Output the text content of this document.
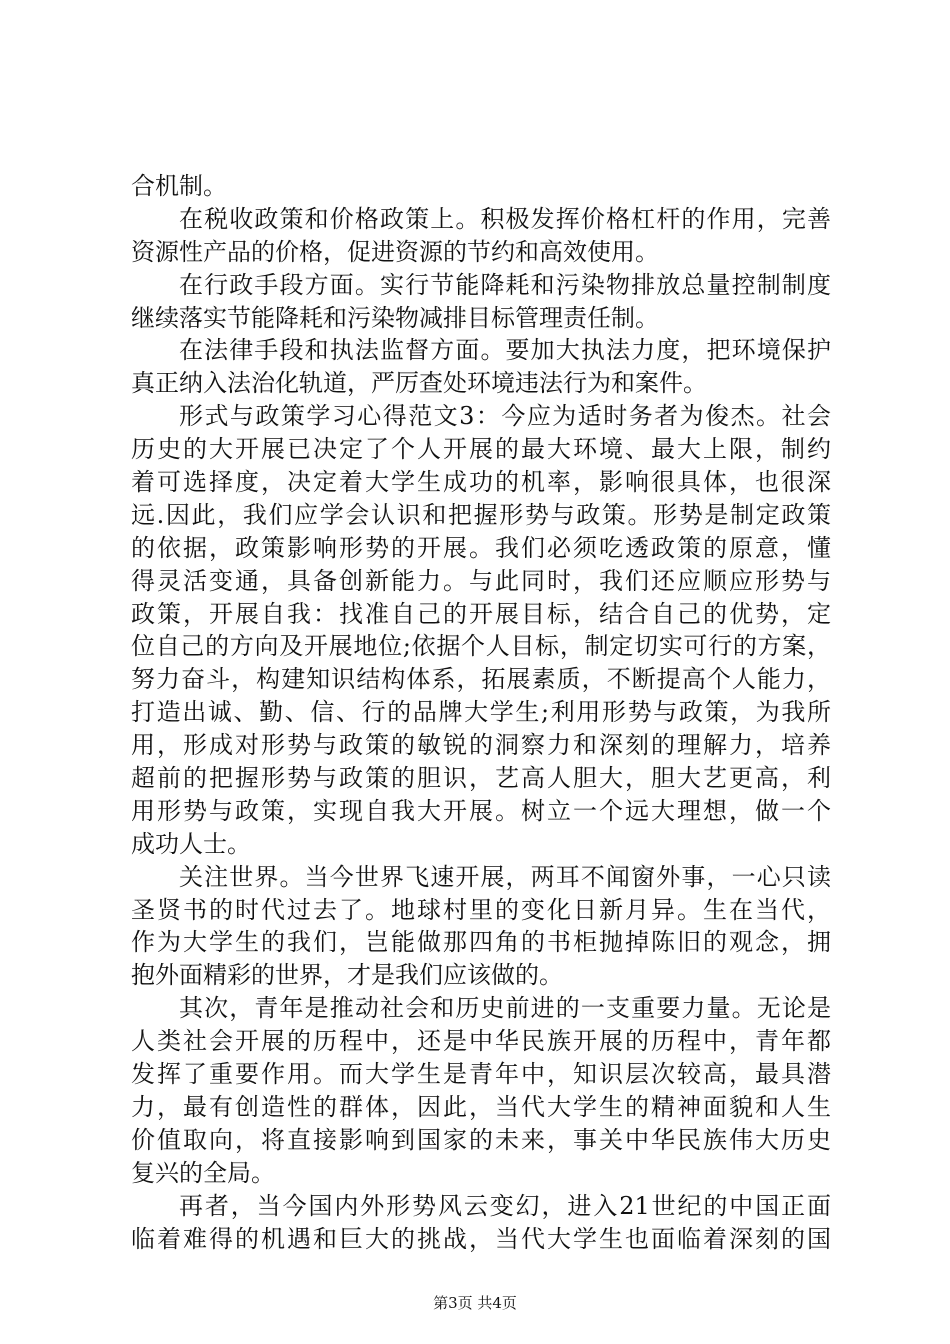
合机制。
在税收政策和价格政策上。积极发挥价格杠杆的作用，完善
资源性产品的价格，促进资源的节约和高效使用。
在行政手段方面。实行节能降耗和污染物排放总量控制制度
继续落实节能降耗和污染物减排目标管理责任制。
在法律手段和执法监督方面。要加大执法力度，把环境保护
真正纳入法治化轨道，严厉查处环境违法行为和案件。
形式与政策学习心得范文3：今应为适时务者为俊杰。社会
历史的大开展已决定了个人开展的最大环境、最大上限，制约
着可选择度，决定着大学生成功的机率，影响很具体，也很深
远.因此，我们应学会认识和把握形势与政策。形势是制定政策
的依据，政策影响形势的开展。我们必须吃透政策的原意，懂
得灵活变通，具备创新能力。与此同时，我们还应顺应形势与
政策，开展自我：找准自己的开展目标，结合自己的优势，定
位自己的方向及开展地位;依据个人目标，制定切实可行的方案，
努力奋斗，构建知识结构体系，拓展素质，不断提高个人能力，
打造出诚、勤、信、行的品牌大学生;利用形势与政策，为我所
用，形成对形势与政策的敏锐的洞察力和深刻的理解力，培养
超前的把握形势与政策的胆识，艺高人胆大，胆大艺更高，利
用形势与政策，实现自我大开展。树立一个远大理想，做一个
成功人士。
关注世界。当今世界飞速开展，两耳不闻窗外事，一心只读
圣贤书的时代过去了。地球村里的变化日新月异。生在当代，
作为大学生的我们，岂能做那四角的书柜抛掉陈旧的观念，拥
抱外面精彩的世界，才是我们应该做的。
其次，青年是推动社会和历史前进的一支重要力量。无论是
人类社会开展的历程中，还是中华民族开展的历程中，青年都
发挥了重要作用。而大学生是青年中，知识层次较高，最具潜
力，最有创造性的群体，因此，当代大学生的精神面貌和人生
价值取向，将直接影响到国家的未来，事关中华民族伟大历史
复兴的全局。
再者，当今国内外形势风云变幻，进入21世纪的中国正面
临着难得的机遇和巨大的挑战，当代大学生也面临着深刻的国
第3页 共4页
